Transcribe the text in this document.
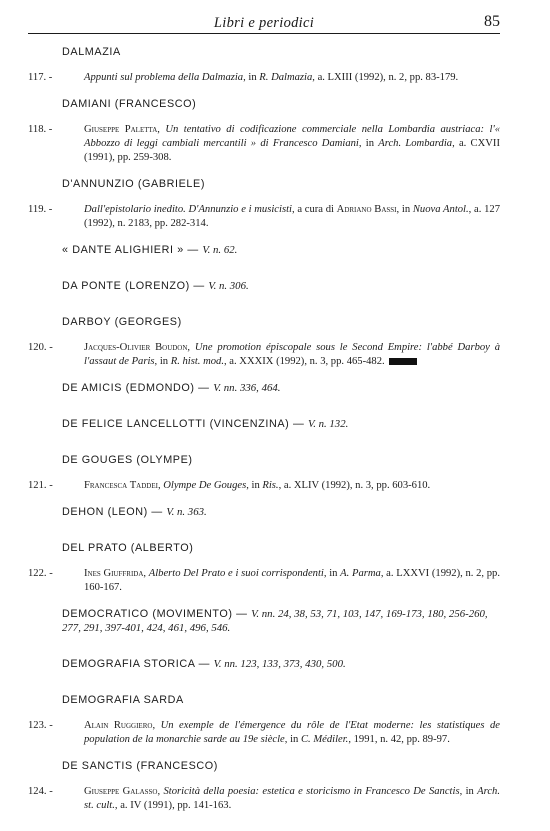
Libri e periodici	85
DALMAZIA
117. -	Appunti sul problema della Dalmazia, in R. Dalmazia, a. LXIII (1992), n. 2, pp. 83-179.
DAMIANI (FRANCESCO)
118. -	Giuseppe Paletta, Un tentativo di codificazione commerciale nella Lombardia austriaca: l'« Abbozzo di leggi cambiali mercantili » di Francesco Damiani, in Arch. Lombardia, a. CXVII (1991), pp. 259-308.
D'ANNUNZIO (GABRIELE)
119. -	Dall'epistolario inedito. D'Annunzio e i musicisti, a cura di Adriano Bassi, in Nuova Antol., a. 127 (1992), n. 2183, pp. 282-314.
« DANTE ALIGHIERI » — V. n. 62.
DA PONTE (LORENZO) — V. n. 306.
DARBOY (GEORGES)
120. -	Jacques-Olivier Boudon, Une promotion épiscopale sous le Second Empire: l'abbé Darboy à l'assaut de Paris, in R. hist. mod., a. XXXIX (1992), n. 3, pp. 465-482.
DE AMICIS (EDMONDO) — V. nn. 336, 464.
DE FELICE LANCELLOTTI (VINCENZINA) — V. n. 132.
DE GOUGES (OLYMPE)
121. -	Francesca Taddei, Olympe De Gouges, in Ris., a. XLIV (1992), n. 3, pp. 603-610.
DEHON (LEON) — V. n. 363.
DEL PRATO (ALBERTO)
122. -	Ines Giuffrida, Alberto Del Prato e i suoi corrispondenti, in A. Parma, a. LXXVI (1992), n. 2, pp. 160-167.
DEMOCRATICO (MOVIMENTO) — V. nn. 24, 38, 53, 71, 103, 147, 169-173, 180, 256-260, 277, 291, 397-401, 424, 461, 496, 546.
DEMOGRAFIA STORICA — V. nn. 123, 133, 373, 430, 500.
DEMOGRAFIA SARDA
123. -	Alain Ruggiero, Un exemple de l'émergence du rôle de l'Etat moderne: les statistiques de population de la monarchie sarde au 19e siècle, in C. Médiler., 1991, n. 42, pp. 89-97.
DE SANCTIS (FRANCESCO)
124. -	Giuseppe Galasso, Storicità della poesia: estetica e storicismo in Francesco De Sanctis, in Arch. st. cult., a. IV (1991), pp. 141-163.
